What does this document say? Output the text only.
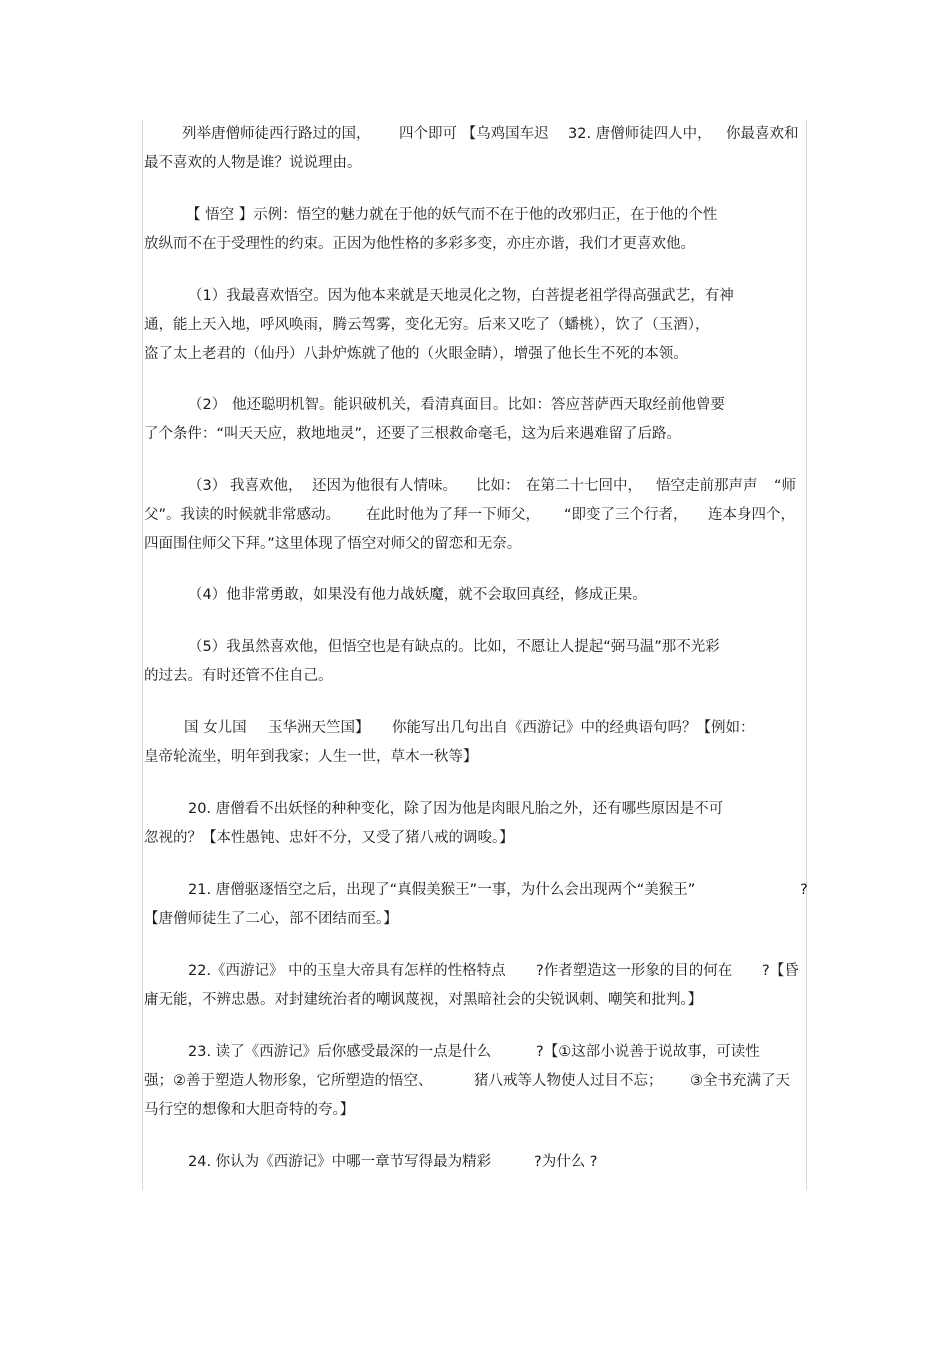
列举唐僧师徒西行路过的国， 四个即可 【乌鸡国车迟 32. 唐僧师徒四人中， 你最喜欢和
最不喜欢的人物是谁？说说理由。
【 悟空 】示例：悟空的魅力就在于他的妖气而不在于他的改邪归正，在于他的个性
放纵而不在于受理性的约束。正因为他性格的多彩多变，亦庄亦谐，我们才更喜欢他。
（1）我最喜欢悟空。因为他本来就是天地灵化之物，白菩提老祖学得高强武艺，有神
通，能上天入地，呼风唤雨，腾云驾雾，变化无穷。后来又吃了（蟠桃），饮了（玉酒），
盗了太上老君的（仙丹）八卦炉炼就了他的（火眼金睛），增强了他长生不死的本领。
（2） 他还聪明机智。能识破机关，看清真面目。比如：答应菩萨西天取经前他曾要
了个条件：“叫天天应，救地地灵”，还要了三根救命毫毛，这为后来遇难留了后路。
（3） 我喜欢他， 还因为他很有人情味。 比如： 在第二十七回中， 悟空走前那声声 “师
父”。我读的时候就非常感动。 在此时他为了拜一下师父， “即变了三个行者， 连本身四个，
四面围住师父下拜。”这里体现了悟空对师父的留恋和无奈。
（4）他非常勇敢，如果没有他力战妖魔，就不会取回真经，修成正果。
（5）我虽然喜欢他，但悟空也是有缺点的。比如，不愿让人提起“弼马温”那不光彩
的过去。有时还管不住自己。
国 女儿国 玉华洲天竺国】 你能写出几句出自《西游记》中的经典语句吗？【例如：
皇帝轮流坐，明年到我家；人生一世，草木一秋等】
20. 唐僧看不出妖怪的种种变化，除了因为他是肉眼凡胎之外，还有哪些原因是不可
忽视的？【本性愚钝、忠奸不分，又受了猪八戒的调唆。】
21. 唐僧驱逐悟空之后，出现了“真假美猴王”一事，为什么会出现两个“美猴王”	?
【唐僧师徒生了二心，部不团结而至。】
22.《西游记》 中的玉皇大帝具有怎样的性格特点 ?作者塑造这一形象的目的何在 ?【昏
庸无能，不辨忠愚。对封建统治者的嘲讽蔑视，对黑暗社会的尖锐讽刺、嘲笑和批判。】
23. 读了《西游记》后你感受最深的一点是什么	?【①这部小说善于说故事，可读性
强；②善于塑造人物形象，它所塑造的悟空、	猪八戒等人物使人过目不忘； ③全书充满了天
马行空的想像和大胆奇特的夸。】
24. 你认为《西游记》中哪一章节写得最为精彩	?为什么 ?
